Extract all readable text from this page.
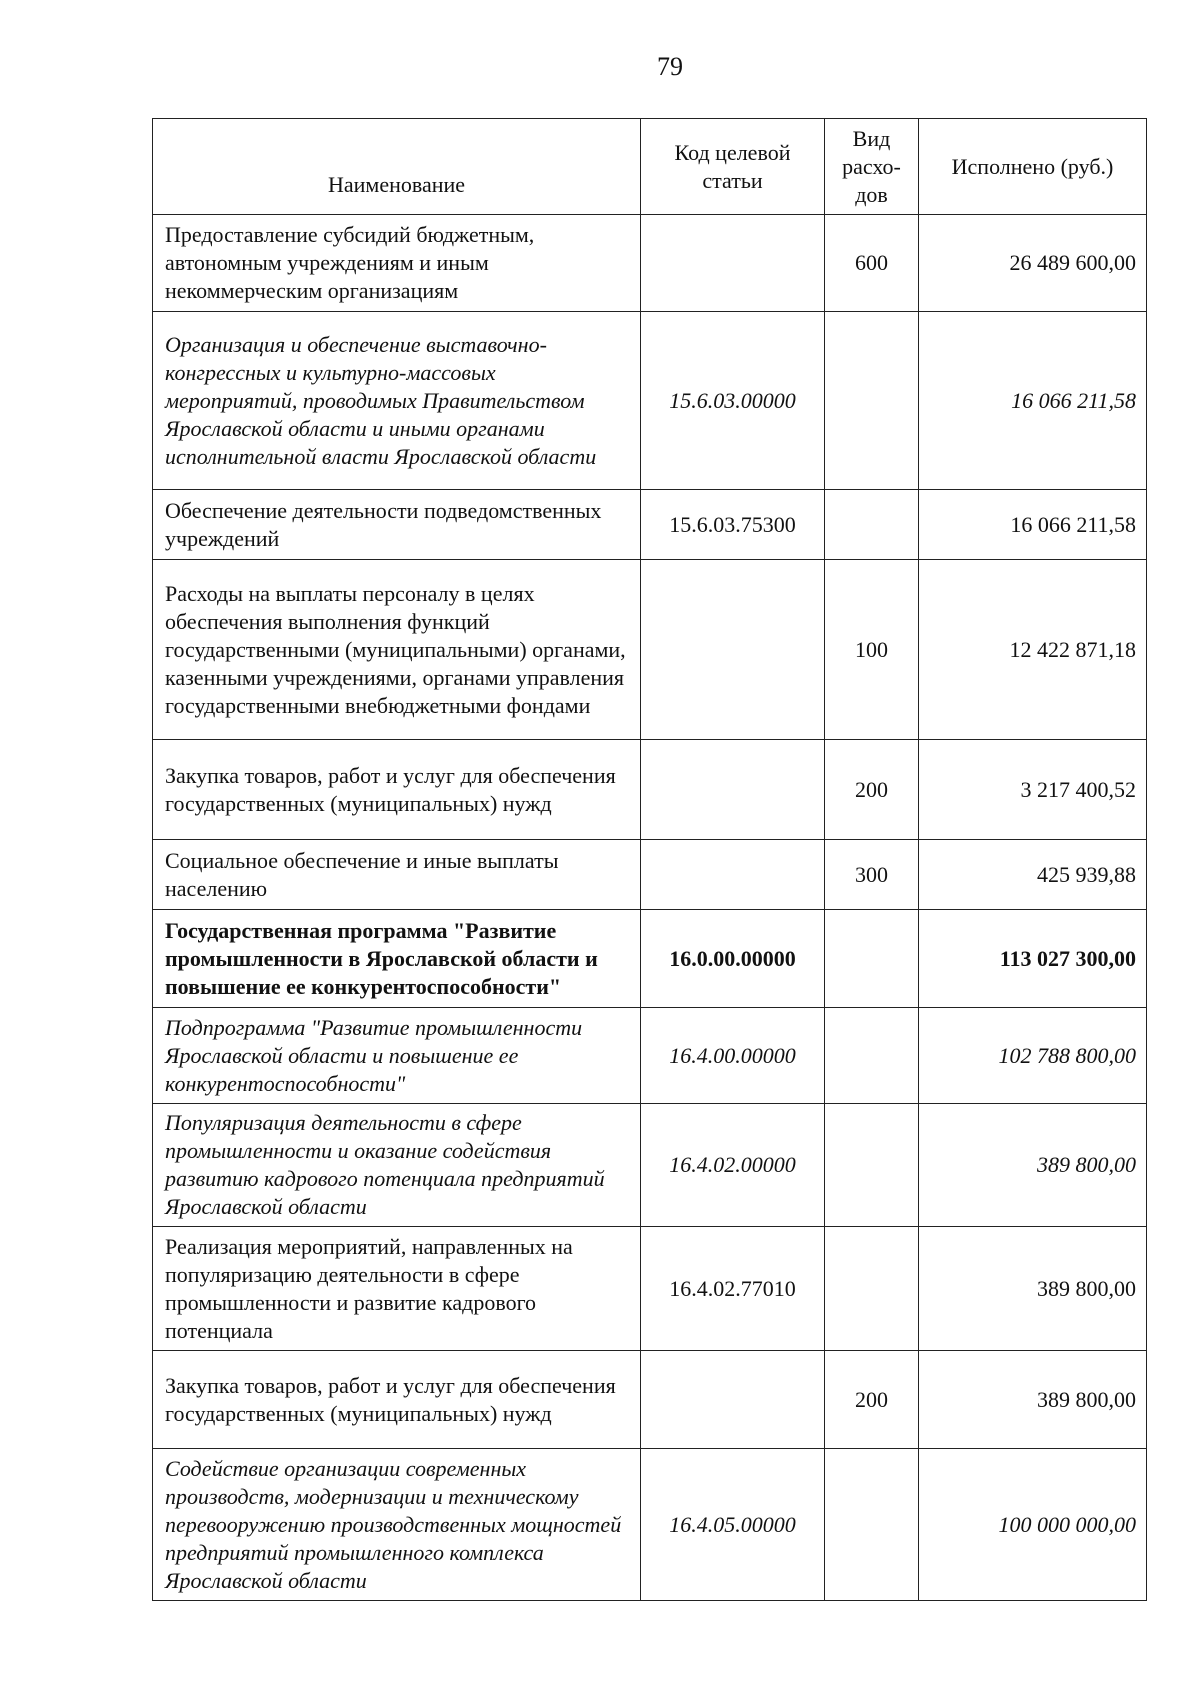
79
Наименование	Код целевой статьи	Вид расхо-дов	Исполнено (руб.)
Предоставление субсидий бюджетным, автономным учреждениям и иным некоммерческим организациям		600	26 489 600,00
Организация и обеспечение выставочно-конгрессных и культурно-массовых мероприятий, проводимых Правительством Ярославской области и иными органами исполнительной власти Ярославской области	15.6.03.00000		16 066 211,58
Обеспечение деятельности подведомственных учреждений	15.6.03.75300		16 066 211,58
Расходы на выплаты персоналу в целях обеспечения выполнения функций государственными (муниципальными) органами, казенными учреждениями, органами управления государственными внебюджетными фондами		100	12 422 871,18
Закупка товаров, работ и услуг для обеспечения государственных (муниципальных) нужд		200	3 217 400,52
Социальное обеспечение и иные выплаты населению		300	425 939,88
Государственная программа "Развитие промышленности в Ярославской области и повышение ее конкурентоспособности"	16.0.00.00000		113 027 300,00
Подпрограмма "Развитие промышленности Ярославской области и повышение ее конкурентоспособности"	16.4.00.00000		102 788 800,00
Популяризация деятельности в сфере промышленности и оказание содействия развитию кадрового потенциала предприятий Ярославской области	16.4.02.00000		389 800,00
Реализация мероприятий, направленных на популяризацию деятельности в сфере промышленности и развитие кадрового потенциала	16.4.02.77010		389 800,00
Закупка товаров, работ и услуг для обеспечения государственных (муниципальных) нужд		200	389 800,00
Содействие организации современных производств, модернизации и техническому перевооружению производственных мощностей предприятий промышленного комплекса Ярославской области	16.4.05.00000		100 000 000,00
